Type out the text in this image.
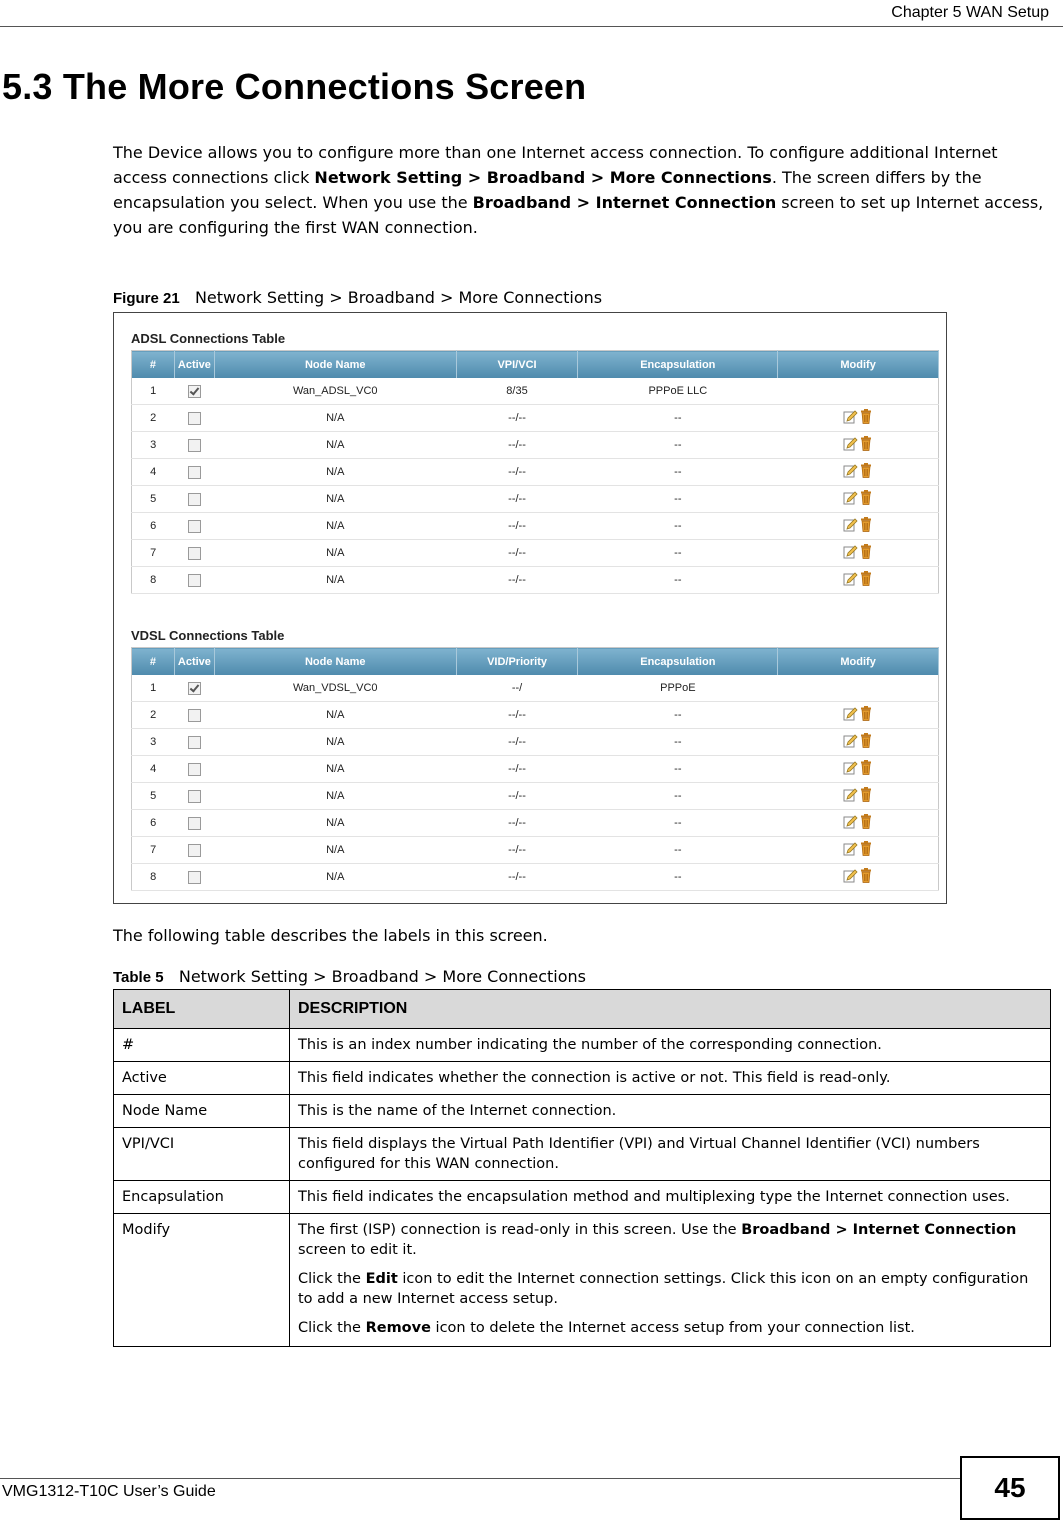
Chapter 5 WAN Setup
5.3 The More Connections Screen

The Device allows you to configure more than one Internet access connection. To configure additional Internet access connections click Network Setting > Broadband > More Connections. The screen differs by the encapsulation you select. When you use the Broadband > Internet Connection screen to set up Internet access, you are configuring the first WAN connection.

Figure 21 Network Setting > Broadband > More Connections
ADSL Connections Table
#	Active	Node Name	VPI/VCI	Encapsulation	Modify
1		Wan_ADSL_VC0	8/35	PPPoE LLC	
2		N/A	--/--	--	
3		N/A	--/--	--	
4		N/A	--/--	--	
5		N/A	--/--	--	
6		N/A	--/--	--	
7		N/A	--/--	--	
8		N/A	--/--	--	
VDSL Connections Table
#	Active	Node Name	VID/Priority	Encapsulation	Modify
1		Wan_VDSL_VC0	--/	PPPoE	
2		N/A	--/--	--	
3		N/A	--/--	--	
4		N/A	--/--	--	
5		N/A	--/--	--	
6		N/A	--/--	--	
7		N/A	--/--	--	
8		N/A	--/--	--	
The following table describes the labels in this screen.
Table 5 Network Setting > Broadband > More Connections
LABEL	DESCRIPTION
#	This is an index number indicating the number of the corresponding connection.
Active	This field indicates whether the connection is active or not. This field is read-only.
Node Name	This is the name of the Internet connection.
VPI/VCI	This field displays the Virtual Path Identifier (VPI) and Virtual Channel Identifier (VCI) numbers configured for this WAN connection.
Encapsulation	This field indicates the encapsulation method and multiplexing type the Internet connection uses.
Modify	The first (ISP) connection is read-only in this screen. Use the Broadband > Internet Connection screen to edit it.

Click the Edit icon to edit the Internet connection settings. Click this icon on an empty configuration to add a new Internet access setup.

Click the Remove icon to delete the Internet access setup from your connection list.

VMG1312-T10C User’s Guide	45
